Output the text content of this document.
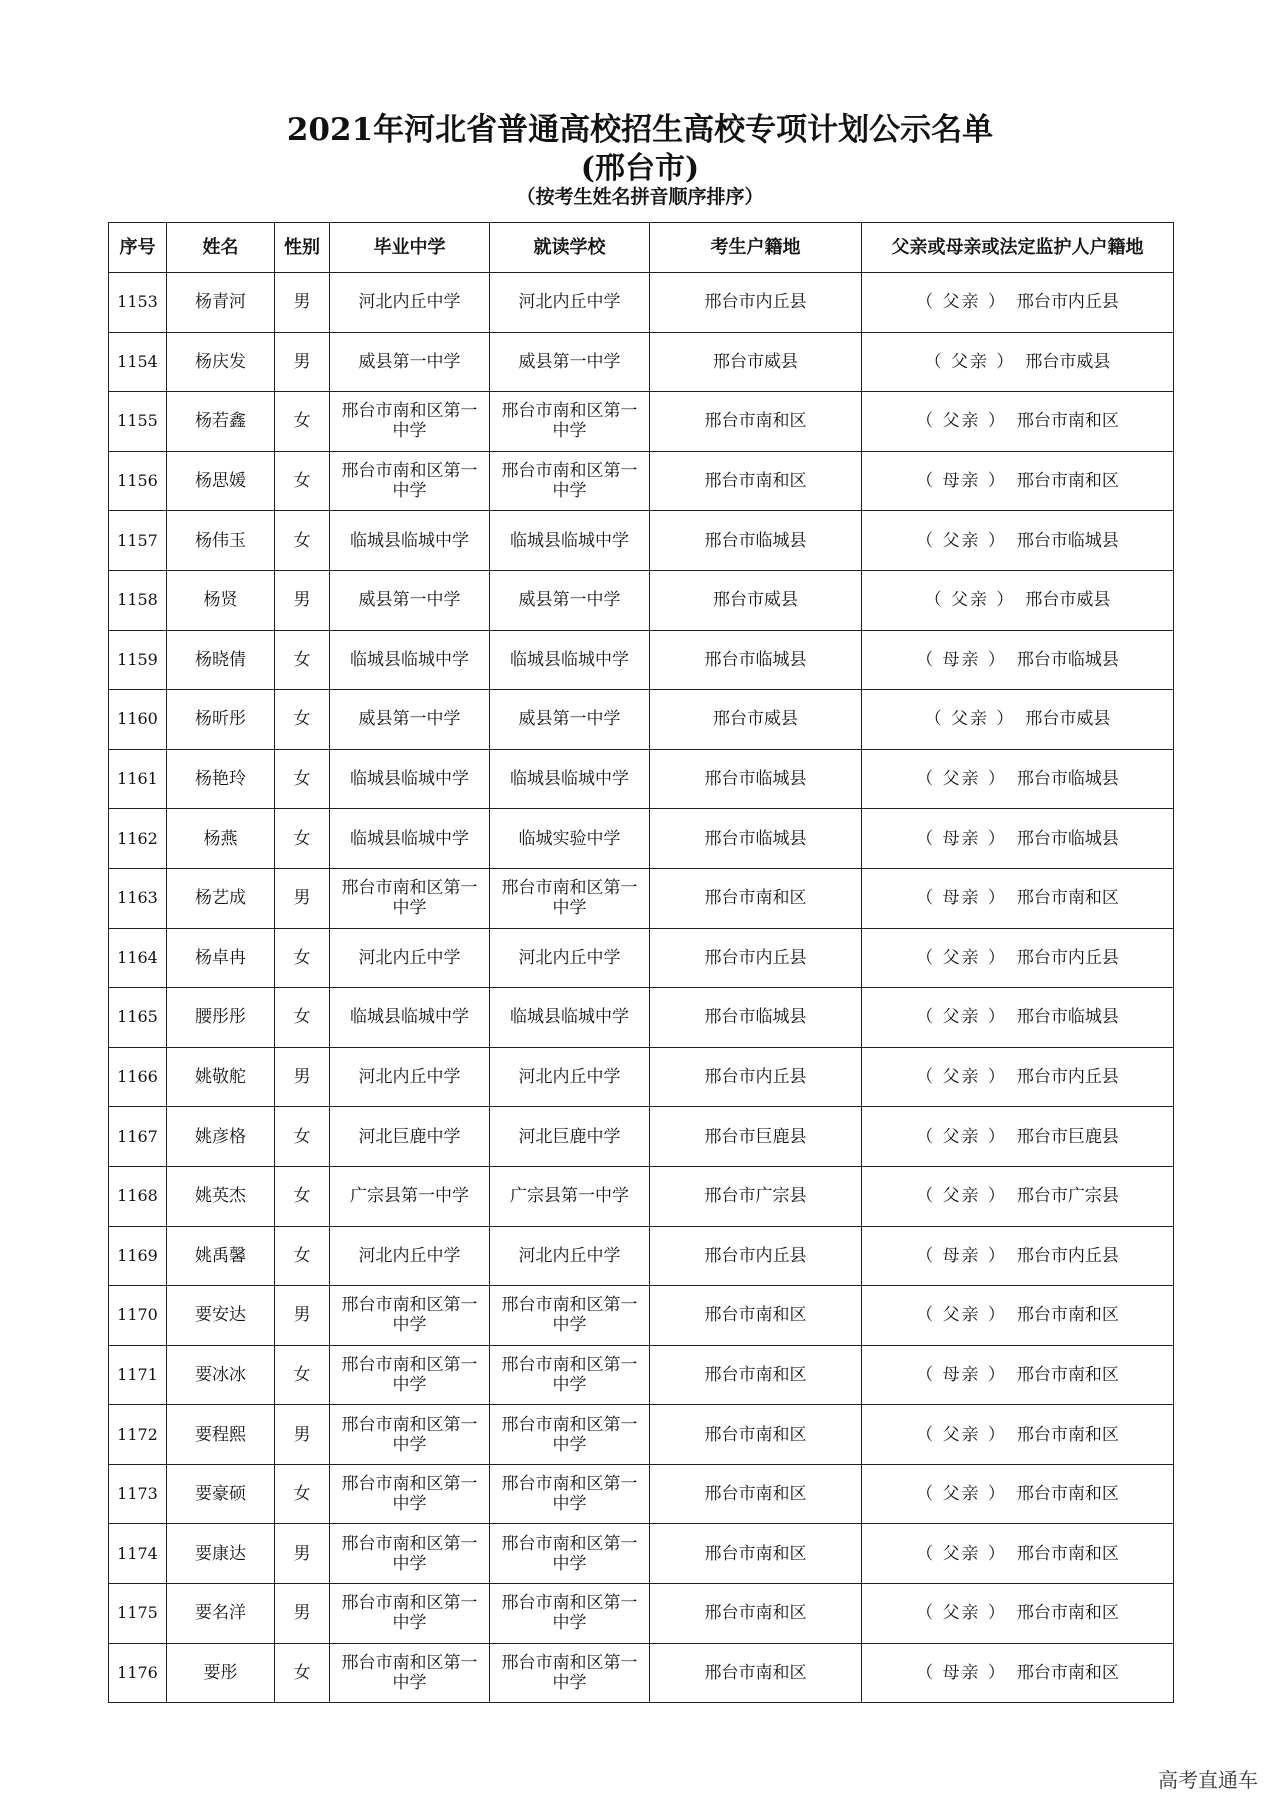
2021年河北省普通高校招生高校专项计划公示名单
(邢台市)
（按考生姓名拼音顺序排序）
序号	姓名	性别	毕业中学	就读学校	考生户籍地	父亲或母亲或法定监护人户籍地
1153	杨青河	男	河北内丘中学	河北内丘中学	邢台市内丘县	（ 父亲 ） 邢台市内丘县
1154	杨庆发	男	威县第一中学	威县第一中学	邢台市威县	（ 父亲 ） 邢台市威县
1155	杨若鑫	女	邢台市南和区第一中学	邢台市南和区第一中学	邢台市南和区	（ 父亲 ） 邢台市南和区
1156	杨思媛	女	邢台市南和区第一中学	邢台市南和区第一中学	邢台市南和区	（ 母亲 ） 邢台市南和区
1157	杨伟玉	女	临城县临城中学	临城县临城中学	邢台市临城县	（ 父亲 ） 邢台市临城县
1158	杨贤	男	威县第一中学	威县第一中学	邢台市威县	（ 父亲 ） 邢台市威县
1159	杨晓倩	女	临城县临城中学	临城县临城中学	邢台市临城县	（ 母亲 ） 邢台市临城县
1160	杨昕彤	女	威县第一中学	威县第一中学	邢台市威县	（ 父亲 ） 邢台市威县
1161	杨艳玲	女	临城县临城中学	临城县临城中学	邢台市临城县	（ 父亲 ） 邢台市临城县
1162	杨燕	女	临城县临城中学	临城实验中学	邢台市临城县	（ 母亲 ） 邢台市临城县
1163	杨艺成	男	邢台市南和区第一中学	邢台市南和区第一中学	邢台市南和区	（ 母亲 ） 邢台市南和区
1164	杨卓冉	女	河北内丘中学	河北内丘中学	邢台市内丘县	（ 父亲 ） 邢台市内丘县
1165	腰彤彤	女	临城县临城中学	临城县临城中学	邢台市临城县	（ 父亲 ） 邢台市临城县
1166	姚敬舵	男	河北内丘中学	河北内丘中学	邢台市内丘县	（ 父亲 ） 邢台市内丘县
1167	姚彦格	女	河北巨鹿中学	河北巨鹿中学	邢台市巨鹿县	（ 父亲 ） 邢台市巨鹿县
1168	姚英杰	女	广宗县第一中学	广宗县第一中学	邢台市广宗县	（ 父亲 ） 邢台市广宗县
1169	姚禹馨	女	河北内丘中学	河北内丘中学	邢台市内丘县	（ 母亲 ） 邢台市内丘县
1170	要安达	男	邢台市南和区第一中学	邢台市南和区第一中学	邢台市南和区	（ 父亲 ） 邢台市南和区
1171	要冰冰	女	邢台市南和区第一中学	邢台市南和区第一中学	邢台市南和区	（ 母亲 ） 邢台市南和区
1172	要程熙	男	邢台市南和区第一中学	邢台市南和区第一中学	邢台市南和区	（ 父亲 ） 邢台市南和区
1173	要豪硕	女	邢台市南和区第一中学	邢台市南和区第一中学	邢台市南和区	（ 父亲 ） 邢台市南和区
1174	要康达	男	邢台市南和区第一中学	邢台市南和区第一中学	邢台市南和区	（ 父亲 ） 邢台市南和区
1175	要名洋	男	邢台市南和区第一中学	邢台市南和区第一中学	邢台市南和区	（ 父亲 ） 邢台市南和区
1176	要彤	女	邢台市南和区第一中学	邢台市南和区第一中学	邢台市南和区	（ 母亲 ） 邢台市南和区
高考直通车
